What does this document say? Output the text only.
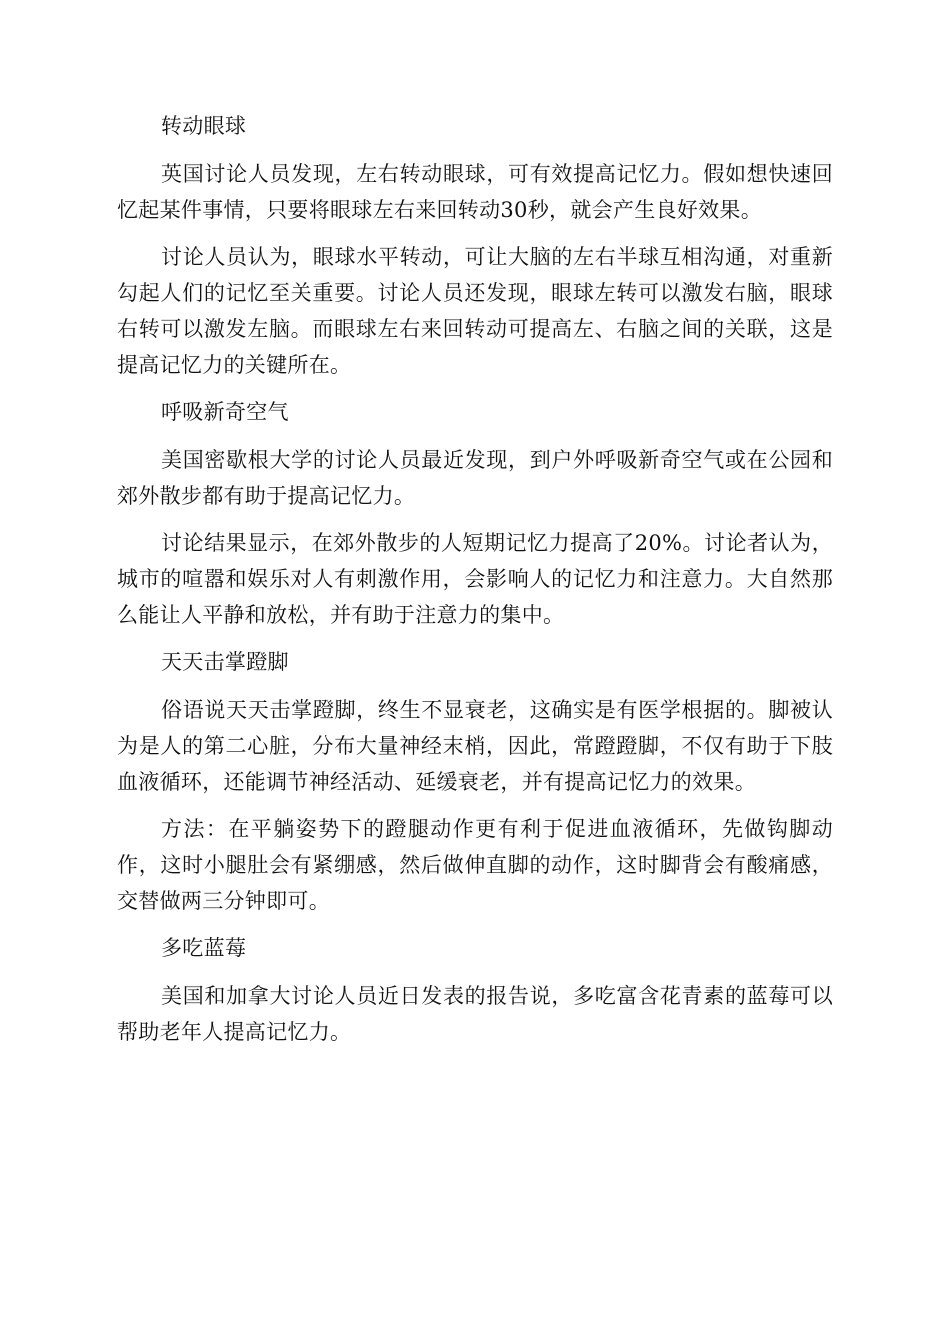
转动眼球

英国讨论人员发现，左右转动眼球，可有效提高记忆力。假如想快速回忆起某件事情，只要将眼球左右来回转动30秒，就会产生良好效果。

讨论人员认为，眼球水平转动，可让大脑的左右半球互相沟通，对重新勾起人们的记忆至关重要。讨论人员还发现，眼球左转可以激发右脑，眼球右转可以激发左脑。而眼球左右来回转动可提高左、右脑之间的关联，这是提高记忆力的关键所在。

呼吸新奇空气

美国密歇根大学的讨论人员最近发现，到户外呼吸新奇空气或在公园和郊外散步都有助于提高记忆力。

讨论结果显示，在郊外散步的人短期记忆力提高了20%。讨论者认为，城市的喧嚣和娱乐对人有刺激作用，会影响人的记忆力和注意力。大自然那么能让人平静和放松，并有助于注意力的集中。

天天击掌蹬脚

俗语说天天击掌蹬脚，终生不显衰老，这确实是有医学根据的。脚被认为是人的第二心脏，分布大量神经末梢，因此，常蹬蹬脚，不仅有助于下肢血液循环，还能调节神经活动、延缓衰老，并有提高记忆力的效果。

方法：在平躺姿势下的蹬腿动作更有利于促进血液循环，先做钩脚动作，这时小腿肚会有紧绷感，然后做伸直脚的动作，这时脚背会有酸痛感，交替做两三分钟即可。

多吃蓝莓

美国和加拿大讨论人员近日发表的报告说，多吃富含花青素的蓝莓可以帮助老年人提高记忆力。
